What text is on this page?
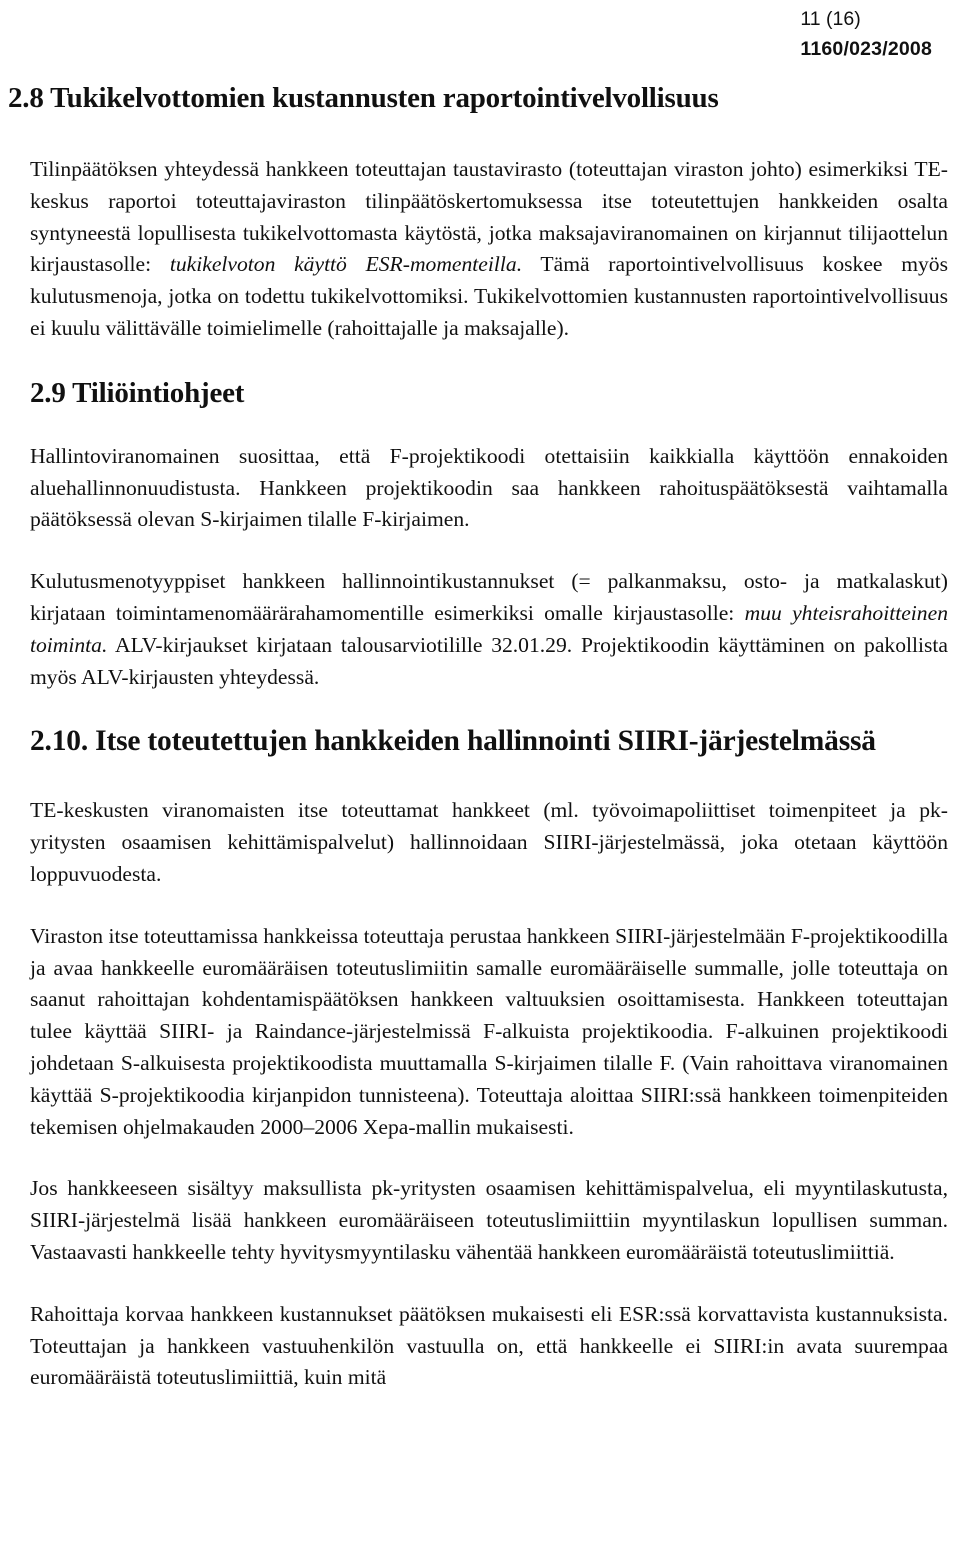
11 (16)
1160/023/2008
2.8 Tukikelvottomien kustannusten raportointivelvollisuus

Tilinpäätöksen yhteydessä hankkeen toteuttajan taustavirasto (toteuttajan viraston johto) esimerkiksi TE-keskus raportoi toteuttajaviraston tilinpäätöskertomuksessa itse toteutettujen hankkeiden osalta syntyneestä lopullisesta tukikelvottomasta käytöstä, jotka maksajaviranomainen on kirjannut tilijaottelun kirjaustasolle: tukikelvoton käyttö ESR-momenteilla. Tämä raportointivelvollisuus koskee myös kulutusmenoja, jotka on todettu tukikelvottomiksi. Tukikelvottomien kustannusten raportointivelvollisuus ei kuulu välittävälle toimielimelle (rahoittajalle ja maksajalle).

2.9 Tiliöintiohjeet

Hallintoviranomainen suosittaa, että F-projektikoodi otettaisiin kaikkialla käyttöön ennakoiden aluehallinnonuudistusta. Hankkeen projektikoodin saa hankkeen rahoituspäätöksestä vaihtamalla päätöksessä olevan S-kirjaimen tilalle F-kirjaimen.

Kulutusmenotyyppiset hankkeen hallinnointikustannukset (= palkanmaksu, osto- ja matkalaskut) kirjataan toimintamenomäärärahamomentille esimerkiksi omalle kirjaustasolle: muu yhteisrahoitteinen toiminta. ALV-kirjaukset kirjataan talousarviotilille 32.01.29. Projektikoodin käyttäminen on pakollista myös ALV-kirjausten yhteydessä.

2.10. Itse toteutettujen hankkeiden hallinnointi SIIRI-järjestelmässä

TE-keskusten viranomaisten itse toteuttamat hankkeet (ml. työvoimapoliittiset toimenpiteet ja pk-yritysten osaamisen kehittämispalvelut) hallinnoidaan SIIRI-järjestelmässä, joka otetaan käyttöön loppuvuodesta.

Viraston itse toteuttamissa hankkeissa toteuttaja perustaa hankkeen SIIRI-järjestelmään F-projektikoodilla ja avaa hankkeelle euromääräisen toteutuslimiitin samalle euromääräiselle summalle, jolle toteuttaja on saanut rahoittajan kohdentamispäätöksen hankkeen valtuuksien osoittamisesta. Hankkeen toteuttajan tulee käyttää SIIRI- ja Raindance-järjestelmissä F-alkuista projektikoodia. F-alkuinen projektikoodi johdetaan S-alkuisesta projektikoodista muuttamalla S-kirjaimen tilalle F. (Vain rahoittava viranomainen käyttää S-projektikoodia kirjanpidon tunnisteena). Toteuttaja aloittaa SIIRI:ssä hankkeen toimenpiteiden tekemisen ohjelmakauden 2000–2006 Xepa-mallin mukaisesti.

Jos hankkeeseen sisältyy maksullista pk-yritysten osaamisen kehittämispalvelua, eli myyntilaskutusta, SIIRI-järjestelmä lisää hankkeen euromääräiseen toteutuslimiittiin myyntilaskun lopullisen summan. Vastaavasti hankkeelle tehty hyvitysmyyntilasku vähentää hankkeen euromääräistä toteutuslimiittiä.

Rahoittaja korvaa hankkeen kustannukset päätöksen mukaisesti eli ESR:ssä korvattavista kustannuksista. Toteuttajan ja hankkeen vastuuhenkilön vastuulla on, että hankkeelle ei SIIRI:in avata suurempaa euromääräistä toteutuslimiittiä, kuin mitä
